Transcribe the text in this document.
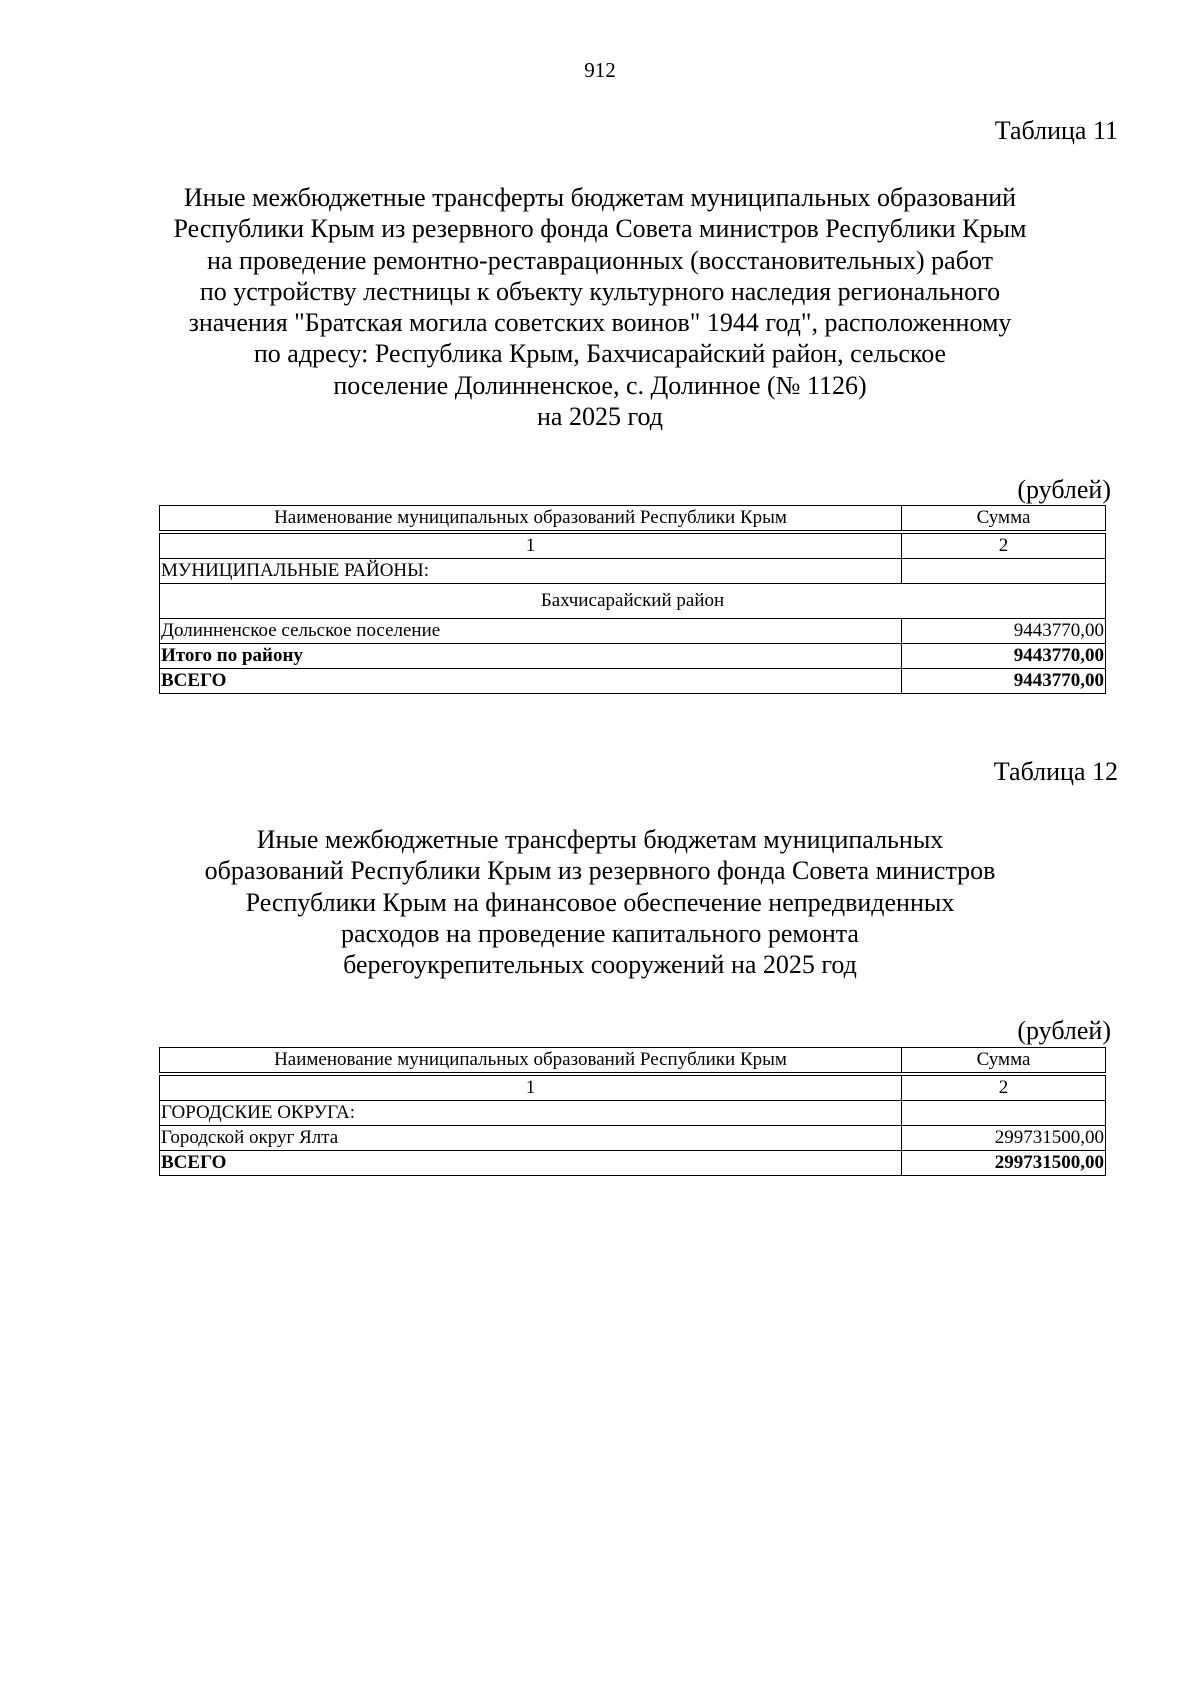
912
Таблица 11
Иные межбюджетные трансферты бюджетам муниципальных образований
Республики Крым из резервного фонда Совета министров Республики Крым
на проведение ремонтно-реставрационных (восстановительных) работ
по устройству лестницы к объекту культурного наследия регионального
значения "Братская могила советских воинов" 1944 год", расположенному
по адресу: Республика Крым, Бахчисарайский район, сельское
поселение Долинненское, с. Долинное (№ 1126)
на 2025 год
(рублей)
Наименование муниципальных образований Республики Крым	Сумма

1	2
МУНИЦИПАЛЬНЫЕ РАЙОНЫ:	
Бахчисарайский район	
Долинненское сельское поселение	9443770,00
Итого по району	9443770,00
ВСЕГО	9443770,00
Таблица 12
Иные межбюджетные трансферты бюджетам муниципальных
образований Республики Крым из резервного фонда Совета министров
Республики Крым на финансовое обеспечение непредвиденных
расходов на проведение капитального ремонта
берегоукрепительных сооружений на 2025 год
(рублей)
Наименование муниципальных образований Республики Крым	Сумма

1	2
ГОРОДСКИЕ ОКРУГА:	
Городской округ Ялта	299731500,00
ВСЕГО	299731500,00
